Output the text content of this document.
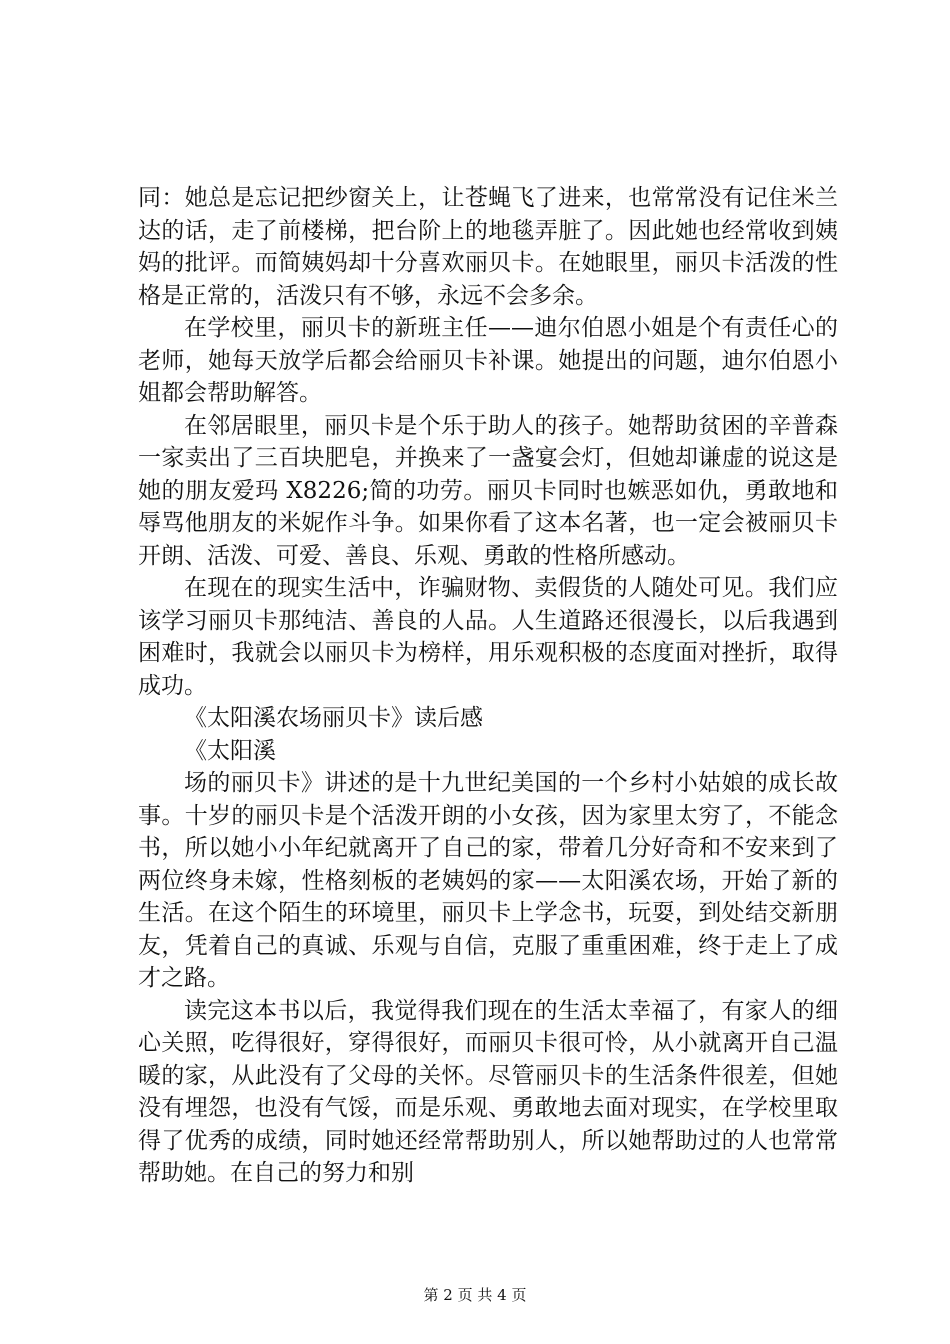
同：她总是忘记把纱窗关上，让苍蝇飞了进来，也常常没有记住米兰达的话，走了前楼梯，把台阶上的地毯弄脏了。因此她也经常收到姨妈的批评。而简姨妈却十分喜欢丽贝卡。在她眼里，丽贝卡活泼的性格是正常的，活泼只有不够，永远不会多余。

在学校里，丽贝卡的新班主任——迪尔伯恩小姐是个有责任心的老师，她每天放学后都会给丽贝卡补课。她提出的问题，迪尔伯恩小姐都会帮助解答。

在邻居眼里，丽贝卡是个乐于助人的孩子。她帮助贫困的辛普森一家卖出了三百块肥皂，并换来了一盏宴会灯，但她却谦虚的说这是她的朋友爱玛 X8226;简的功劳。丽贝卡同时也嫉恶如仇，勇敢地和辱骂他朋友的米妮作斗争。如果你看了这本名著，也一定会被丽贝卡开朗、活泼、可爱、善良、乐观、勇敢的性格所感动。

在现在的现实生活中，诈骗财物、卖假货的人随处可见。我们应该学习丽贝卡那纯洁、善良的人品。人生道路还很漫长，以后我遇到困难时，我就会以丽贝卡为榜样，用乐观积极的态度面对挫折，取得成功。

《太阳溪农场丽贝卡》读后感

《太阳溪

场的丽贝卡》讲述的是十九世纪美国的一个乡村小姑娘的成长故事。十岁的丽贝卡是个活泼开朗的小女孩，因为家里太穷了，不能念书，所以她小小年纪就离开了自己的家，带着几分好奇和不安来到了两位终身未嫁，性格刻板的老姨妈的家——太阳溪农场，开始了新的生活。在这个陌生的环境里，丽贝卡上学念书，玩耍，到处结交新朋友，凭着自己的真诚、乐观与自信，克服了重重困难，终于走上了成才之路。

读完这本书以后，我觉得我们现在的生活太幸福了，有家人的细心关照，吃得很好，穿得很好，而丽贝卡很可怜，从小就离开自己温暖的家，从此没有了父母的关怀。尽管丽贝卡的生活条件很差，但她没有埋怨，也没有气馁，而是乐观、勇敢地去面对现实，在学校里取得了优秀的成绩，同时她还经常帮助别人，所以她帮助过的人也常常帮助她。在自己的努力和别

第 2 页 共 4 页
